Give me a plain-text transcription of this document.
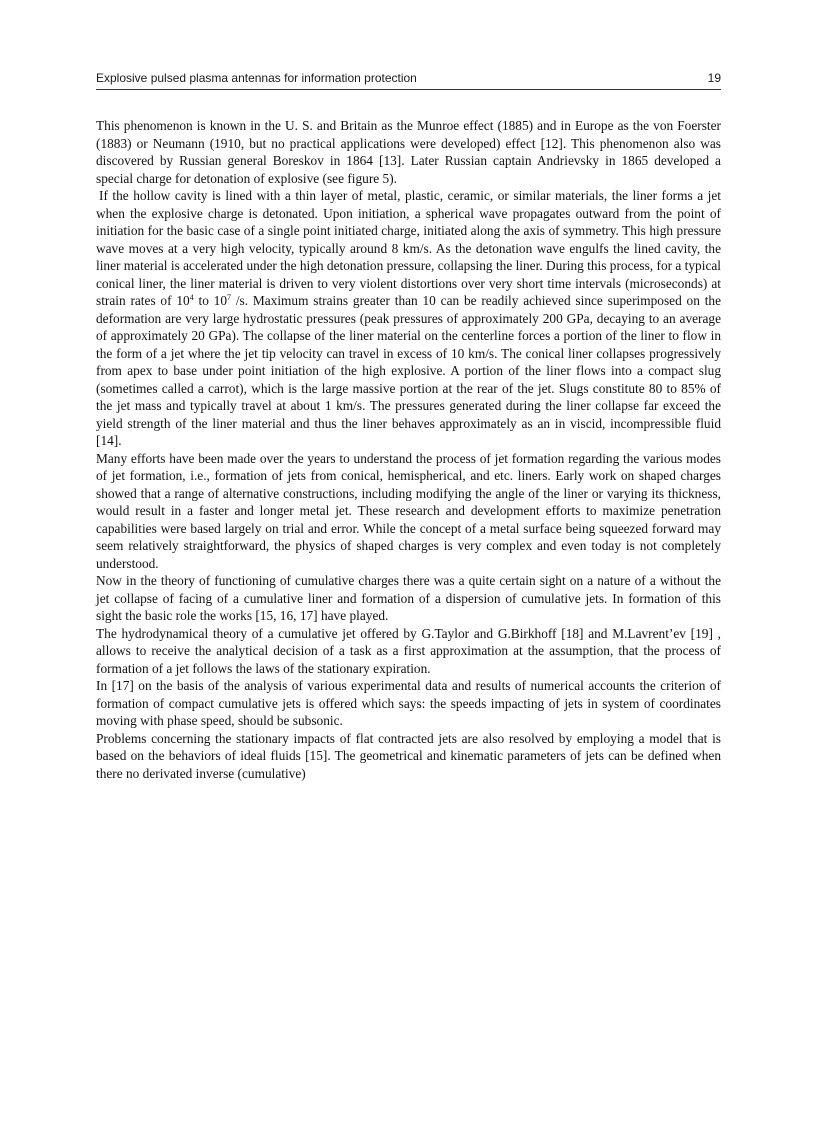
Explosive pulsed plasma antennas for information protection	19

This phenomenon is known in the U. S. and Britain as the Munroe effect (1885) and in Europe as the von Foerster (1883) or Neumann (1910, but no practical applications were developed) effect [12]. This phenomenon also was discovered by Russian general Boreskov in 1864 [13]. Later Russian captain Andrievsky in 1865 developed a special charge for detonation of explosive (see figure 5).

If the hollow cavity is lined with a thin layer of metal, plastic, ceramic, or similar materials, the liner forms a jet when the explosive charge is detonated. Upon initiation, a spherical wave propagates outward from the point of initiation for the basic case of a single point initiated charge, initiated along the axis of symmetry. This high pressure wave moves at a very high velocity, typically around 8 km/s. As the detonation wave engulfs the lined cavity, the liner material is accelerated under the high detonation pressure, collapsing the liner. During this process, for a typical conical liner, the liner material is driven to very violent distortions over very short time intervals (microseconds) at strain rates of $10^4$ to $10^7$ /s. Maximum strains greater than 10 can be readily achieved since superimposed on the deformation are very large hydrostatic pressures (peak pressures of approximately 200 GPa, decaying to an average of approximately 20 GPa). The collapse of the liner material on the centerline forces a portion of the liner to flow in the form of a jet where the jet tip velocity can travel in excess of 10 km/s. The conical liner collapses progressively from apex to base under point initiation of the high explosive. A portion of the liner flows into a compact slug (sometimes called a carrot), which is the large massive portion at the rear of the jet. Slugs constitute 80 to 85% of the jet mass and typically travel at about 1 km/s. The pressures generated during the liner collapse far exceed the yield strength of the liner material and thus the liner behaves approximately as an in viscid, incompressible fluid [14].

Many efforts have been made over the years to understand the process of jet formation regarding the various modes of jet formation, i.e., formation of jets from conical, hemispherical, and etc. liners. Early work on shaped charges showed that a range of alternative constructions, including modifying the angle of the liner or varying its thickness, would result in a faster and longer metal jet. These research and development efforts to maximize penetration capabilities were based largely on trial and error. While the concept of a metal surface being squeezed forward may seem relatively straightforward, the physics of shaped charges is very complex and even today is not completely understood.

Now in the theory of functioning of cumulative charges there was a quite certain sight on a nature of a without the jet collapse of facing of a cumulative liner and formation of a dispersion of cumulative jets. In formation of this sight the basic role the works [15, 16, 17] have played.

The hydrodynamical theory of a cumulative jet offered by G.Taylor and G.Birkhoff [18] and M.Lavrent’ev [19] , allows to receive the analytical decision of a task as a first approximation at the assumption, that the process of formation of a jet follows the laws of the stationary expiration.

In [17] on the basis of the analysis of various experimental data and results of numerical accounts the criterion of formation of compact cumulative jets is offered which says: the speeds impacting of jets in system of coordinates moving with phase speed, should be subsonic.

Problems concerning the stationary impacts of flat contracted jets are also resolved by employing a model that is based on the behaviors of ideal fluids [15]. The geometrical and kinematic parameters of jets can be defined when there no derivated inverse (cumulative)
